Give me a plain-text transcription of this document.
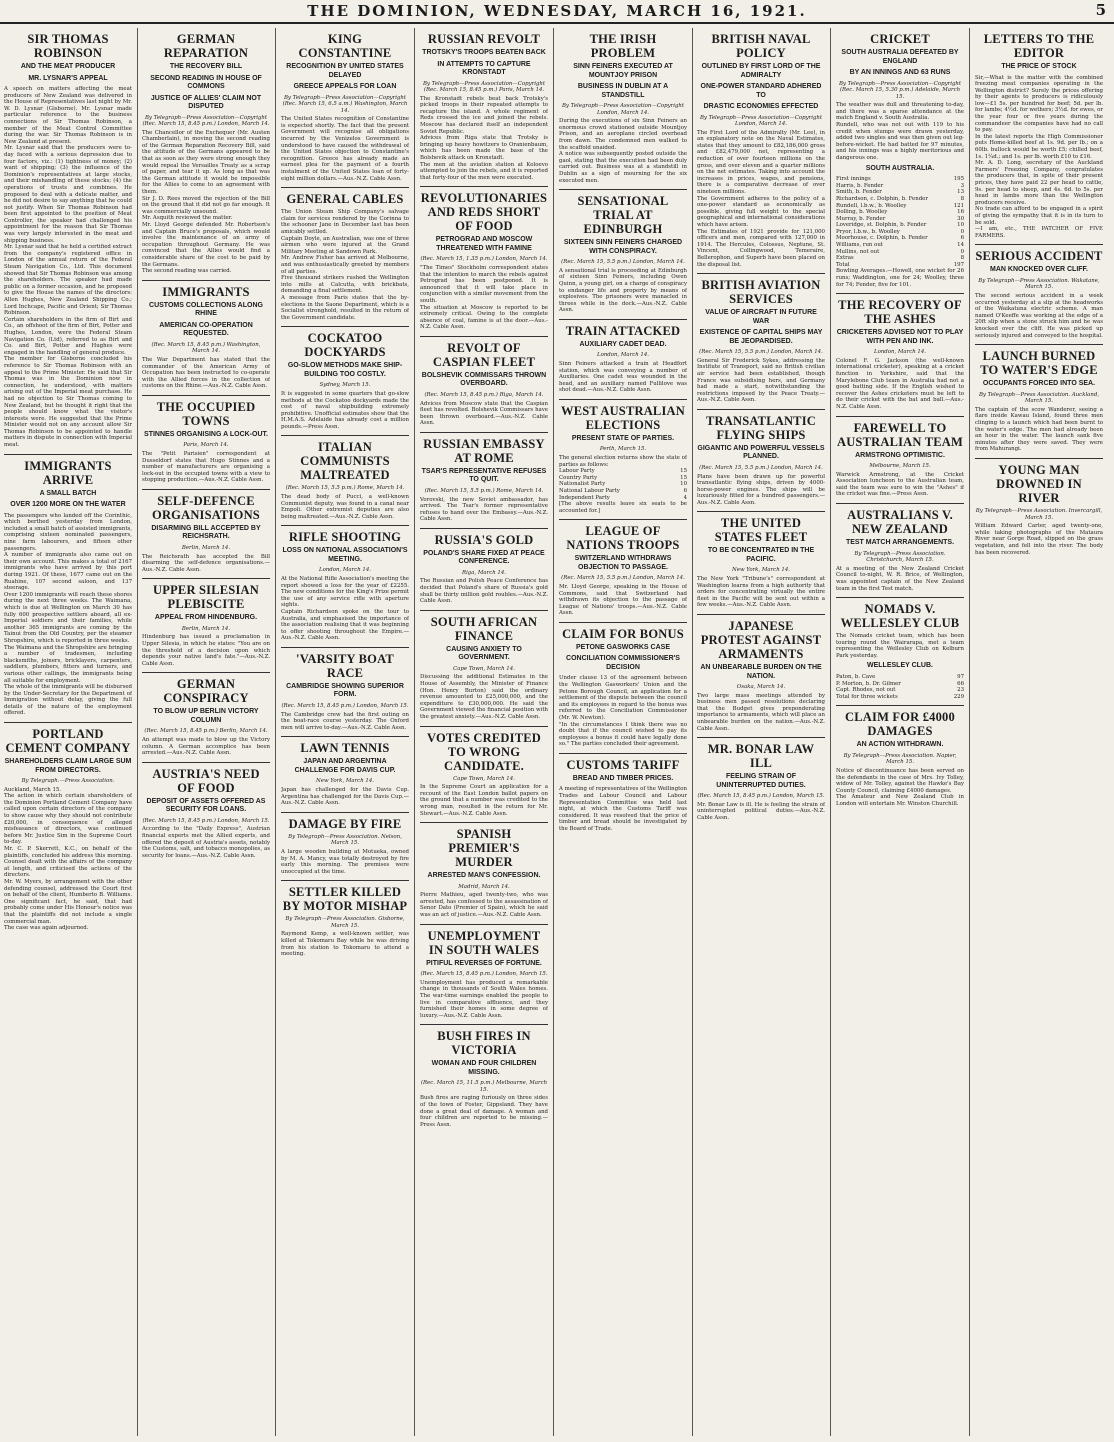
THE DOMINION, WEDNESDAY, MARCH 16, 1921.	5
SIR THOMAS ROBINSON
AND THE MEAT PRODUCER
MR. LYSNAR'S APPEAL

A speech on matters affecting the meat producers of New Zealand was delivered in the House of Representatives last night by Mr. W. D. Lysnar (Gisborne). Mr. Lysnar made particular reference to the business connections of Sir Thomas Robinson, a member of the Meat Control Committee during the war. Sir Thomas Robinson is in New Zealand at present.

Mr. Lysnar said that the producers were to-day faced with a serious depression due to four factors, viz.: (1) tightness of money; (2) want of shipping; (3) the influence of the Dominion's representatives at large stocks, and their mishandling of these stocks; (4) the operations of trusts and combines. He proposed to deal with a delicate matter, and he did not desire to say anything that he could not justify. When Sir Thomas Robinson had been first appointed to the position of Meat Controller, the speaker had challenged his appointment for the reason that Sir Thomas was very largely interested in the meat and shipping business.

Mr. Lysnar said that he held a certified extract from the company's registered office in London of the annual return of the Federal Steam Navigation Co., Ltd. This document showed that Sir Thomas Robinson was among the shareholders. The speaker had made public on a former occasion, and he proposed to give the House the names of the directors: Allen Hughes, New Zealand Shipping Co.; Lord Inchcape, Pacific and Orient; Sir Thomas Robinson.

Certain shareholders in the firm of Birt and Co., an offshoot of the firm of Birt, Potter and Hughes, London, were the Federal Steam Navigation Co. (Ltd), referred to as Birt and Co. and Birt, Potter and Hughes were engaged in the handling of general produce.

The member for Gisborne concluded his reference to Sir Thomas Robinson with an appeal to the Prime Minister. He said that Sir Thomas was in the Dominion now in connection, he understood, with matters arising out of the Imperial meat purchase. He had no objection to Sir Thomas coming to New Zealand, but he thought it right that the people should know what the visitor's interests were. He suggested that the Prime Minister would not on any account allow Sir Thomas Robinson to be appointed to handle matters in dispute in connection with Imperial meat.

IMMIGRANTS ARRIVE
A SMALL BATCH
OVER 1200 MORE ON THE WATER

The passengers who landed off the Corinthic, which berthed yesterday from London, included a small batch of assisted immigrants, comprising sixteen nominated passengers, nine farm labourers, and fifteen other passengers.

A number of immigrants also came out on their own account. This makes a total of 2167 immigrants who have arrived by this port during 1921. Of these, 1677 came out on the Ruahine, 107 second saloon, and 137 steerage.

Over 1200 immigrants will reach these shores during the next three weeks. The Waimana, which is due at Wellington on March 30 has fully 600 prospective settlers aboard, all ex-Imperial soldiers and their families, while another 365 immigrants are coming by the Tainui from the Old Country, per the steamer Shropshire, which is reported in three weeks.

The Waimana and the Shropshire are bringing a number of tradesmen, including blacksmiths, joiners, bricklayers, carpenters, saddlers, plumbers, fitters and turners, and various other callings, the immigrants being all suitable for employment.

The whole of the immigrants will be disbursed by the Under-Secretary for the Department of Immigration without delay, giving the full details of the nature of the employment offered.

PORTLAND CEMENT COMPANY
SHAREHOLDERS CLAIM LARGE SUM FROM DIRECTORS.
By Telegraph.—Press Association.

Auckland, March 15.

The action in which certain shareholders of the Dominion Portland Cement Company have called upon certain directors of the company to show cause why they should not contribute £20,000, in consequence of alleged misfeasance of directors, was continued before Mr. Justice Sim in the Supreme Court to-day.

Mr. C. P. Skerrett, K.C., on behalf of the plaintiffs, concluded his address this morning. Counsel dealt with the affairs of the company at length, and criticised the actions of the directors.

Mr. W. Myers, by arrangement with the other defending counsel, addressed the Court first on behalf of the client, Humberto B. Williams. One significant fact, he said, that had probably come under His Honour's notice was that the plaintiffs did not include a single commercial man.

The case was again adjourned.

GERMAN REPARATION
THE RECOVERY BILL
SECOND READING IN HOUSE OF COMMONS
JUSTICE OF ALLIES' CLAIM NOT DISPUTED
By Telegraph—Press Association—Copyright (Rec. March 15, 8.45 p.m.) London, March 14.

The Chancellor of the Exchequer (Mr. Austen Chamberlain), in moving the second reading of the German Reparation Recovery Bill, said the attitude of the Germans appeared to be that as soon as they were strong enough they would repeal the Versailles Treaty as a scrap of paper, and tear it up. As long as that was the German attitude it would be impossible for the Allies to come to an agreement with them.

Sir J. D. Rees moved the rejection of the Bill on the ground that it did not go far enough. It was commercially unsound.

Mr. Asquith reviewed the matter.

Mr. Lloyd George defended Mr. Robertson's and Captain Bruce's proposals, which would involve the maintenance of an army of occupation throughout Germany. He was convinced that the Allies would find a considerable share of the cost to be paid by the Germans.

The second reading was carried.

IMMIGRANTS
CUSTOMS COLLECTIONS ALONG RHINE
AMERICAN CO-OPERATION REQUESTED.
(Rec. March 15, 8.45 p.m.) Washington, March 14.

The War Department has stated that the commander of the American Army of Occupation has been instructed to co-operate with the Allied forces in the collection of customs on the Rhine.—Aus.-N.Z. Cable Assn.

THE OCCUPIED TOWNS
STINNES ORGANISING A LOCK-OUT.
Paris, March 14.

The "Petit Parisien" correspondent at Dusseldorf states that Hugo Stinnes and a number of manufacturers are organising a lock-out in the occupied towns with a view to stopping production.—Aus.-N.Z. Cable Assn.

SELF-DEFENCE ORGANISATIONS
DISARMING BILL ACCEPTED BY REICHSRATH.
Berlin, March 14.

The Reichsrath has accepted the Bill disarming the self-defence organisations.—Aus.-N.Z. Cable Assn.

UPPER SILESIAN PLEBISCITE
APPEAL FROM HINDENBURG.
Berlin, March 14.

Hindenburg has issued a proclamation in Upper Silesia, in which he states: "You are on the threshold of a decision upon which depends your native land's fate."—Aus.-N.Z. Cable Assn.

GERMAN CONSPIRACY
TO BLOW UP BERLIN VICTORY COLUMN
(Rec. March 15, 8.45 p.m.) Berlin, March 14.

An attempt was made to blow up the Victory column. A German accomplice has been arrested.—Aus.-N.Z. Cable Assn.

AUSTRIA'S NEED OF FOOD
DEPOSIT OF ASSETS OFFERED AS SECURITY FOR LOANS.
(Rec. March 15, 8.45 p.m.) London, March 15.

According to the "Daily Express", Austrian financial experts met the Allied experts, and offered the deposit of Austria's assets, notably the Customs, salt, and tobacco monopolies, as security for loans.—Aus.-N.Z. Cable Assn.

KING CONSTANTINE
RECOGNITION BY UNITED STATES DELAYED
GREECE APPEALS FOR LOAN
By Telegraph—Press Association—Copyright (Rec. March 15, 6.5 a.m.) Washington, March 14.

The United States recognition of Constantine is expected shortly. The fact that the present Government will recognise all obligations incurred by the Venizelos Government is understood to have caused the withdrawal of the United States objection to Constantine's recognition. Greece has already made an earnest plea for the payment of a fourth instalment of the United States loan of forty-eight million dollars.—Aus.-N.Z. Cable Assn.

GENERAL CABLES

The Union Steam Ship Company's salvage claim for services rendered by the Corinna to the schooner Jane in December last has been amicably settled.

Captain Doyle, an Australian, was one of three airmen who were injured at the Grand Military Meeting at Sandown Park.

Mr. Andrew Fisher has arrived at Melbourne, and was enthusiastically greeted by members of all parties.

Five thousand strikers rushed the Wellington into mills at Calcutta, with brickbats, demanding a final settlement.

A message from Paris states that the by-elections in the Saone Department, which is a Socialist stronghold, resulted in the return of the Government candidate.

COCKATOO DOCKYARDS
GO-SLOW METHODS MAKE SHIP-BUILDING TOO COSTLY.
Sydney, March 15.

It is suggested in some quarters that go-slow methods at the Cockatoo dockyards made the cost of naval shipbuilding extremely prohibitive. Unofficial estimates show that the H.M.A.S. Adelaide has already cost a million pounds.—Press Assn.

ITALIAN COMMUNISTS MALTREATED
(Rec. March 15, 5.5 p.m.) Rome, March 14.

The dead body of Pucci, a well-known Communist deputy, was found in a canal near Empoli. Other extremist deputies are also being maltreated.—Aus.-N.Z. Cable Assn.

RIFLE SHOOTING
LOSS ON NATIONAL ASSOCIATION'S MEETING.
London, March 14.

At the National Rifle Association's meeting the report showed a loss for the year of £2255. The new conditions for the King's Prize permit the use of any service rifle with aperture sights.

Captain Richardson spoke on the tour to Australia, and emphasised the importance of the association realising that it was beginning to offer shooting throughout the Empire.—Aus.-N.Z. Cable Assn.

'VARSITY BOAT RACE
CAMBRIDGE SHOWING SUPERIOR FORM.
(Rec. March 15, 8.45 p.m.) London, March 15.

The Cambridge crew had the first outing on the boat-race course yesterday. The Oxford men will arrive to-day.—Aus.-N.Z. Cable Assn.

LAWN TENNIS
JAPAN AND ARGENTINA CHALLENGE FOR DAVIS CUP.
New York, March 14.

Japan has challenged for the Davis Cup. Argentina has challenged for the Davis Cup.—Aus.-N.Z. Cable Assn.

DAMAGE BY FIRE
By Telegraph—Press Association. Nelson, March 15.

A large wooden building at Motueka, owned by M. A. Mancy, was totally destroyed by fire early this morning. The premises were unoccupied at the time.

SETTLER KILLED BY MOTOR MISHAP
By Telegraph—Press Association. Gisborne, March 15.

Raymond Kemp, a well-known settler, was killed at Tokomaru Bay while he was driving from his station to Tokomaru to attend a meeting.

RUSSIAN REVOLT
TROTSKY'S TROOPS BEATEN BACK
IN ATTEMPTS TO CAPTURE KRONSTADT
By Telegraph—Press Association—Copyright (Rec. March 15, 8.45 p.m.) Paris, March 14.

The Kronstadt rebels beat back Trotsky's picked troops in their repeated attempts to recapture the island. A whole regiment of Reds crossed the ice and joined the rebels. Moscow has declared itself an independent Soviet Republic.

Advices from Riga state that Trotsky is bringing up heavy howitzers to Oranienbaum, which has been made the base of the Bolshevik attack on Kronstadt.

The men at the aviation station at Koloevo attempted to join the rebels, and it is reported that forty-four of the men were executed.

REVOLUTIONARIES AND REDS SHORT OF FOOD
PETROGRAD AND MOSCOW THREATENED WITH FAMINE
(Rec. March 15, 1.35 p.m.) London, March 14.

"The Times" Stockholm correspondent states that the intention to march the rebels against Petrograd has been postponed. It is announced that it will take place in conjunction with a similar movement from the south.

The situation at Moscow is reported to be extremely critical. Owing to the complete absence of coal, famine is at the door.—Aus.-N.Z. Cable Assn.

REVOLT OF CASPIAN FLEET
BOLSHEVIK COMMISSARS THROWN OVERBOARD.
(Rec. March 15, 8.45 p.m.) Riga, March 14.

Advices from Moscow state that the Caspian fleet has revolted. Bolshevik Commissars have been thrown overboard.—Aus.-N.Z. Cable Assn.

RUSSIAN EMBASSY AT ROME
TSAR'S REPRESENTATIVE REFUSES TO QUIT.
(Rec. March 15, 5.5 p.m.) Rome, March 14.

Vorovski, the new Soviet ambassador, has arrived. The Tsar's former representative refuses to hand over the Embassy.—Aus.-N.Z. Cable Assn.

RUSSIA'S GOLD
POLAND'S SHARE FIXED AT PEACE CONFERENCE.
Riga, March 14.

The Russian and Polish Peace Conference has decided that Poland's share of Russia's gold shall be thirty million gold roubles.—Aus.-N.Z. Cable Assn.

SOUTH AFRICAN FINANCE
CAUSING ANXIETY TO GOVERNMENT.
Cape Town, March 14.

Discussing the additional Estimates in the House of Assembly, the Minister of Finance (Hon. Henry Burton) said the ordinary revenue amounted to £25,000,000, and the expenditure to £30,000,000. He said the Government viewed the financial position with the greatest anxiety.—Aus.-N.Z. Cable Assn.

VOTES CREDITED TO WRONG CANDIDATE.
Cape Town, March 14.

In the Supreme Court an application for a recount of the East London ballot papers on the ground that a number was credited to the wrong man, resulted in the return for Mr. Stewart.—Aus.-N.Z. Cable Assn.

SPANISH PREMIER'S MURDER
ARRESTED MAN'S CONFESSION.
Madrid, March 14.

Pierre Mathieu, aged twenty-two, who was arrested, has confessed to the assassination of Senor Dato (Premier of Spain), which he said was an act of justice.—Aus.-N.Z. Cable Assn.

UNEMPLOYMENT IN SOUTH WALES
PITIFUL REVERSES OF FORTUNE.
(Rec. March 15, 8.45 p.m.) London, March 15.

Unemployment has produced a remarkable change in thousands of South Wales homes. The war-time earnings enabled the people to live in comparative affluence, and they furnished their homes in some degree of luxury.—Aus.-N.Z. Cable Assn.

BUSH FIRES IN VICTORIA
WOMAN AND FOUR CHILDREN MISSING.
(Rec. March 15, 11.5 p.m.) Melbourne, March 15.

Bush fires are raging furiously on three sides of the town of Foster, Gippsland. They have done a great deal of damage. A woman and four children are reported to be missing.—Press Assn.

THE IRISH PROBLEM
SINN FEINERS EXECUTED AT MOUNTJOY PRISON
BUSINESS IN DUBLIN AT A STANDSTILL
By Telegraph—Press Association—Copyright London, March 14.

During the executions of six Sinn Feiners an enormous crowd stationed outside Mountjoy Prison, and an aeroplane circled overhead from dawn. The condemned men walked to the scaffold unaided.

A notice was subsequently posted outside the gaol, stating that the execution had been duly carried out. Business was at a standstill in Dublin as a sign of mourning for the six executed men.

SENSATIONAL TRIAL AT EDINBURGH
SIXTEEN SINN FEINERS CHARGED WITH CONSPIRACY.
(Rec. March 15, 5.5 p.m.) London, March 14.

A sensational trial is proceeding at Edinburgh of sixteen Sinn Feiners, including Owen Quinn, a young girl, on a charge of conspiracy to endanger life and property by means of explosives. The prisoners were manacled in threes while in the dock.—Aus.-N.Z. Cable Assn.

TRAIN ATTACKED
AUXILIARY CADET DEAD.
London, March 14.

Sinn Feiners attacked a train at Headfort station, which was conveying a number of Auxiliaries. One cadet was wounded in the head, and an auxiliary named Fullilove was shot dead.—Aus.-N.Z. Cable Assn.

WEST AUSTRALIAN ELECTIONS
PRESENT STATE OF PARTIES.
Perth, March 15.

The general election returns show the state of parties as follows:

Labour Party	15
Country Party	15
Nationalist Party	10
National Labour Party	6
Independent Party	4

[The above results leave six seats to be accounted for.]

LEAGUE OF NATIONS TROOPS
SWITZERLAND WITHDRAWS OBJECTION TO PASSAGE.
(Rec. March 15, 5.5 p.m.) London, March 14.

Mr. Lloyd George, speaking in the House of Commons, said that Switzerland had withdrawn its objection to the passage of League of Nations' troops.—Aus.-N.Z. Cable Assn.

CLAIM FOR BONUS
PETONE GASWORKS CASE
CONCILIATION COMMISSIONER'S DECISION

Under clause 13 of the agreement between the Wellington Gasworkers' Union and the Petone Borough Council, an application for a settlement of the dispute between the council and its employees in regard to the bonus was referred to the Conciliation Commissioner (Mr. W. Newton).

"In the circumstances I think there was no doubt that if the council wished to pay its employees a bonus it could have legally done so." The parties concluded their agreement.

CUSTOMS TARIFF
BREAD AND TIMBER PRICES.

A meeting of representatives of the Wellington Trades and Labour Council and Labour Representation Committee was held last night, at which the Customs Tariff was considered. It was resolved that the price of timber and bread should be investigated by the Board of Trade.

BRITISH NAVAL POLICY
OUTLINED BY FIRST LORD OF THE ADMIRALTY
ONE-POWER STANDARD ADHERED TO
DRASTIC ECONOMIES EFFECTED
By Telegraph—Press Association—Copyright London, March 14.

The First Lord of the Admiralty (Mr. Lee), in an explanatory note on the Naval Estimates, states that they amount to £82,186,000 gross and £82,479,000 net, representing a reduction of over fourteen millions on the gross, and over eleven and a quarter millions on the net estimates. Taking into account the increases in prices, wages, and pensions, there is a comparative decrease of over nineteen millions.

The Government adheres to the policy of a one-power standard as economically as possible, giving full weight to the special geographical and international considerations which have arisen.

The Estimates of 1921 provide for 121,000 officers and men, compared with 127,000 in 1914. The Hercules, Colossus, Neptune, St. Vincent, Collingwood, Temeraire, Bellerophon, and Superb have been placed on the disposal list.

BRITISH AVIATION SERVICES
VALUE OF AIRCRAFT IN FUTURE WAR
EXISTENCE OF CAPITAL SHIPS MAY BE JEOPARDISED.
(Rec. March 15, 5.5 p.m.) London, March 14.

General Sir Frederick Sykes, addressing the Institute of Transport, said no British civilian air service had been established, though France was subsidising hers, and Germany had made a start, notwithstanding the restrictions imposed by the Peace Treaty.—Aus.-N.Z. Cable Assn.

TRANSATLANTIC FLYING SHIPS
GIGANTIC AND POWERFUL VESSELS PLANNED.
(Rec. March 15, 5.5 p.m.) London, March 14.

Plans have been drawn up for powerful transatlantic flying ships, driven by 4000-horse-power engines. The ships will be luxuriously fitted for a hundred passengers.—Aus.-N.Z. Cable Assn.

THE UNITED STATES FLEET
TO BE CONCENTRATED IN THE PACIFIC.
New York, March 14.

The New York "Tribune's" correspondent at Washington learns from a high authority that orders for concentrating virtually the entire fleet in the Pacific will be sent out within a few weeks.—Aus.-N.Z. Cable Assn.

JAPANESE PROTEST AGAINST ARMAMENTS
AN UNBEARABLE BURDEN ON THE NATION.
Osaka, March 14.

Two large mass meetings attended by business men passed resolutions declaring that the Budget gives preponderating importance to armaments, which will place an unbearable burden on the nation.—Aus.-N.Z. Cable Assn.

MR. BONAR LAW ILL
FEELING STRAIN OF UNINTERRUPTED DUTIES.
(Rec. March 15, 8.45 p.m.) London, March 15.

Mr. Bonar Law is ill. He is feeling the strain of uninterrupted political duties.—Aus.-N.Z. Cable Assn.

CRICKET
SOUTH AUSTRALIA DEFEATED BY ENGLAND
BY AN INNINGS AND 63 RUNS
By Telegraph—Press Association—Copyright (Rec. March 15, 5.30 p.m.) Adelaide, March 15.

The weather was dull and threatening to-day, and there was a sparse attendance at the match England v. South Australia.

Rundell, who was not out with 119 to his credit when stumps were drawn yesterday, added two singles and was then given out leg-before-wicket. He had batted for 97 minutes, and his innings was a highly meritorious and dangerous one.

SOUTH AUSTRALIA.
First innings	195
Harris, b. Fender	3
Smith, b. Fender	13
Richardson, c. Dolphin, b. Fender	8
Rundell, l.b.w., b. Woolley	121
Dolling, b. Woolley	16
Murray, b. Fender	30
Loveridge, st. Dolphin, b. Fender	10
Pryor, l.b.w., b. Woolley	0
Moorhouse, c. Dolphin, b. Fender	6
Williams, run out	14
Mullins, not out	0
Extras	8
Total	197

Bowling Averages.—Howell, one wicket for 26 runs; Waddington, one for 24; Woolley, three for 74; Fender, five for 101.

THE RECOVERY OF THE ASHES
CRICKETERS ADVISED NOT TO PLAY WITH PEN AND INK.
London, March 14.

Colonel F. G. Jackson (the well-known international cricketer), speaking at a cricket function in Yorkshire, said that the Marylebone Club team in Australia had not a good batting side. If the English wished to recover the Ashes cricketers must be left to do their cricket with the bat and ball.—Aus.-N.Z. Cable Assn.

FAREWELL TO AUSTRALIAN TEAM
ARMSTRONG OPTIMISTIC.
Melbourne, March 15.

Warwick Armstrong, at the Cricket Association luncheon to the Australian team, said the team was sure to win the "Ashes" if the cricket was fine.—Press Assn.

AUSTRALIANS V. NEW ZEALAND
TEST MATCH ARRANGEMENTS.
By Telegraph—Press Association. Christchurch, March 15.

At a meeting of the New Zealand Cricket Council to-night, W. R. Brice, of Wellington, was appointed captain of the New Zealand team in the first Test match.

NOMADS V. WELLESLEY CLUB

The Nomads cricket team, which has been touring round the Wairarapa, met a team representing the Wellesley Club on Kelburn Park yesterday.

WELLESLEY CLUB.
Paton, b. Cave	97
P. Morton, b. Dr. Gilmer	66
Capt. Rhodes, not out	23
Total for three wickets	229
CLAIM FOR £4000 DAMAGES
AN ACTION WITHDRAWN.
By Telegraph—Press Association. Napier, March 15.

Notice of discontinuance has been served on the defendants in the case of Mrs. Ivy Tolley, widow of Mr. Tolley, against the Hawke's Bay County Council, claiming £4000 damages.

The Amateur and New Zealand Club in London will entertain Mr. Winston Churchill.

LETTERS TO THE EDITOR
THE PRICE OF STOCK

Sir,—What is the matter with the combined freezing meat companies operating in the Wellington district? Surely the prices offering by their agents to producers is ridiculously low—£1 5s. per hundred for beef; 5d. per lb. for lambs; 4½d. for wethers; 3½d. for ewes, or the year four or five years during the commandeer the companies have had no call to pay.

In the latest reports the High Commissioner puts Home-killed beef at 1s. 9d. per lb.; on a 60lb. bullock would be worth £5; chilled beef, 1s. 1¼d.; and 1s. per lb. worth £10 to £16.

Mr. A. D. Long, secretary of the Auckland Farmers' Freezing Company, congratulates the producers that, in spite of their present prices, they have paid 22 per head to cattle, 9s. per head to sheep, and 4s. 6d. to 5s. per head in lambs more than the Wellington producers receive.

No trade can afford to be engaged in a spirit of giving the sympathy that it is in its turn to be sold.

—I am, etc., THE PATCHER OF FIVE FARMERS.

SERIOUS ACCIDENT
MAN KNOCKED OVER CLIFF.
By Telegraph—Press Association. Wakatane, March 15.

The second serious accident in a week occurred yesterday at a slip at the headworks of the Waikatuna electric scheme. A man named O'Keeffe was working at the edge of a 20ft slip when a stone struck him and he was knocked over the cliff. He was picked up seriously injured and conveyed to the hospital.

LAUNCH BURNED TO WATER'S EDGE
OCCUPANTS FORCED INTO SEA.
By Telegraph—Press Association. Auckland, March 15.

The captain of the scow Wanderer, seeing a flare inside Kawau Island, found three men clinging to a launch which had been burnt to the water's edge. The men had already been an hour in the water. The launch sank five minutes after they were saved. They were from Mahurangi.

YOUNG MAN DROWNED IN RIVER
By Telegraph—Press Association. Invercargill, March 15.

William Edward Carter, aged twenty-one, while taking photographs of the Mataura River near Gorge Road, slipped on the grass vegetation, and fell into the river. The body has been recovered.
